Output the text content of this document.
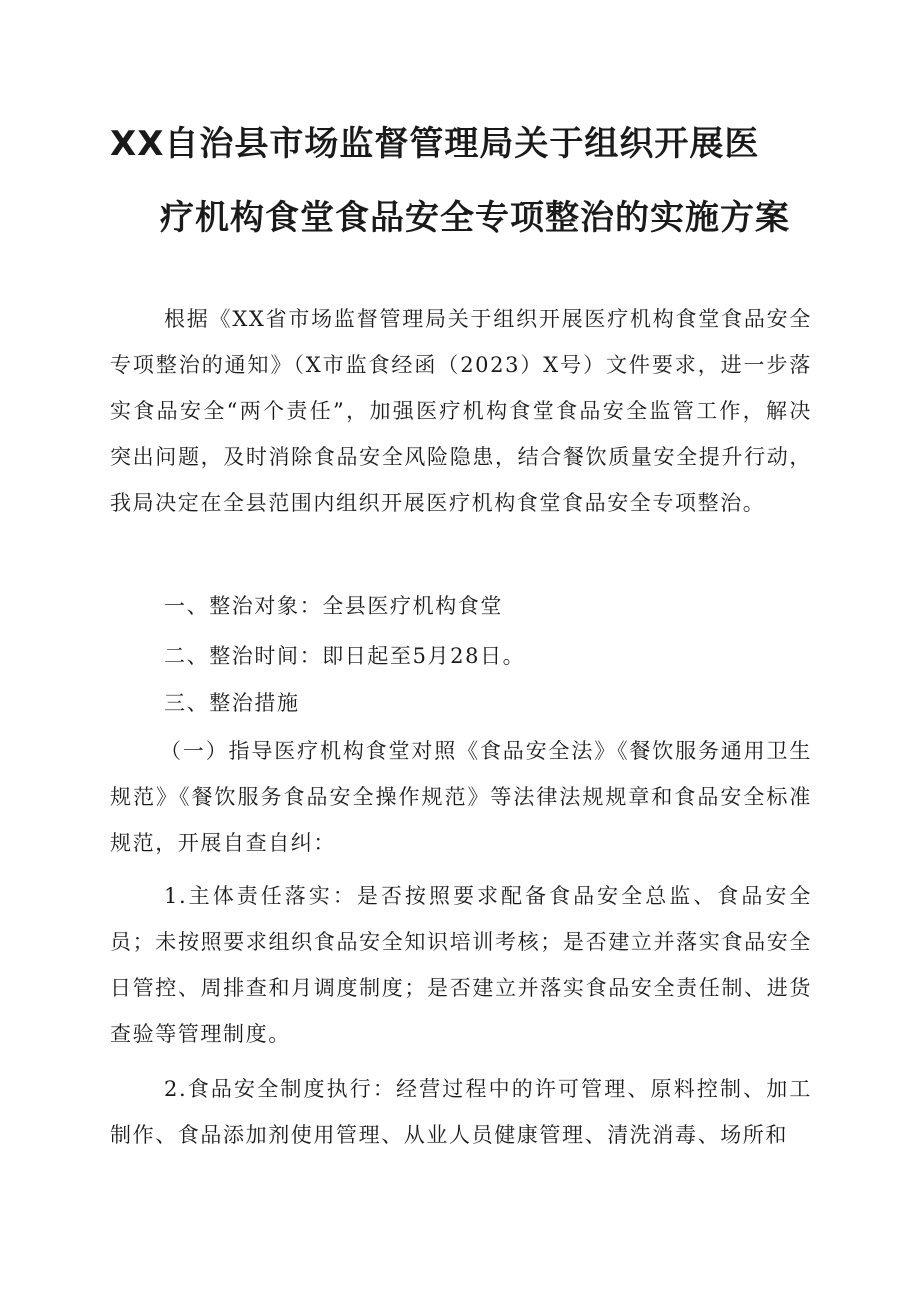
XX自治县市场监督管理局关于组织开展医
疗机构食堂食品安全专项整治的实施方案

根据《XX省市场监督管理局关于组织开展医疗机构食堂食品安全专项整治的通知》（X市监食经函（2023）X号）文件要求，进一步落实食品安全“两个责任”，加强医疗机构食堂食品安全监管工作，解决突出问题，及时消除食品安全风险隐患，结合餐饮质量安全提升行动，我局决定在全县范围内组织开展医疗机构食堂食品安全专项整治。

一、整治对象：全县医疗机构食堂

二、整治时间：即日起至5月28日。

三、整治措施

（一）指导医疗机构食堂对照《食品安全法》《餐饮服务通用卫生规范》《餐饮服务食品安全操作规范》等法律法规规章和食品安全标准规范，开展自查自纠：

1.主体责任落实：是否按照要求配备食品安全总监、食品安全员；未按照要求组织食品安全知识培训考核；是否建立并落实食品安全日管控、周排查和月调度制度；是否建立并落实食品安全责任制、进货查验等管理制度。

2.食品安全制度执行：经营过程中的许可管理、原料控制、加工制作、食品添加剂使用管理、从业人员健康管理、清洗消毒、场所和
